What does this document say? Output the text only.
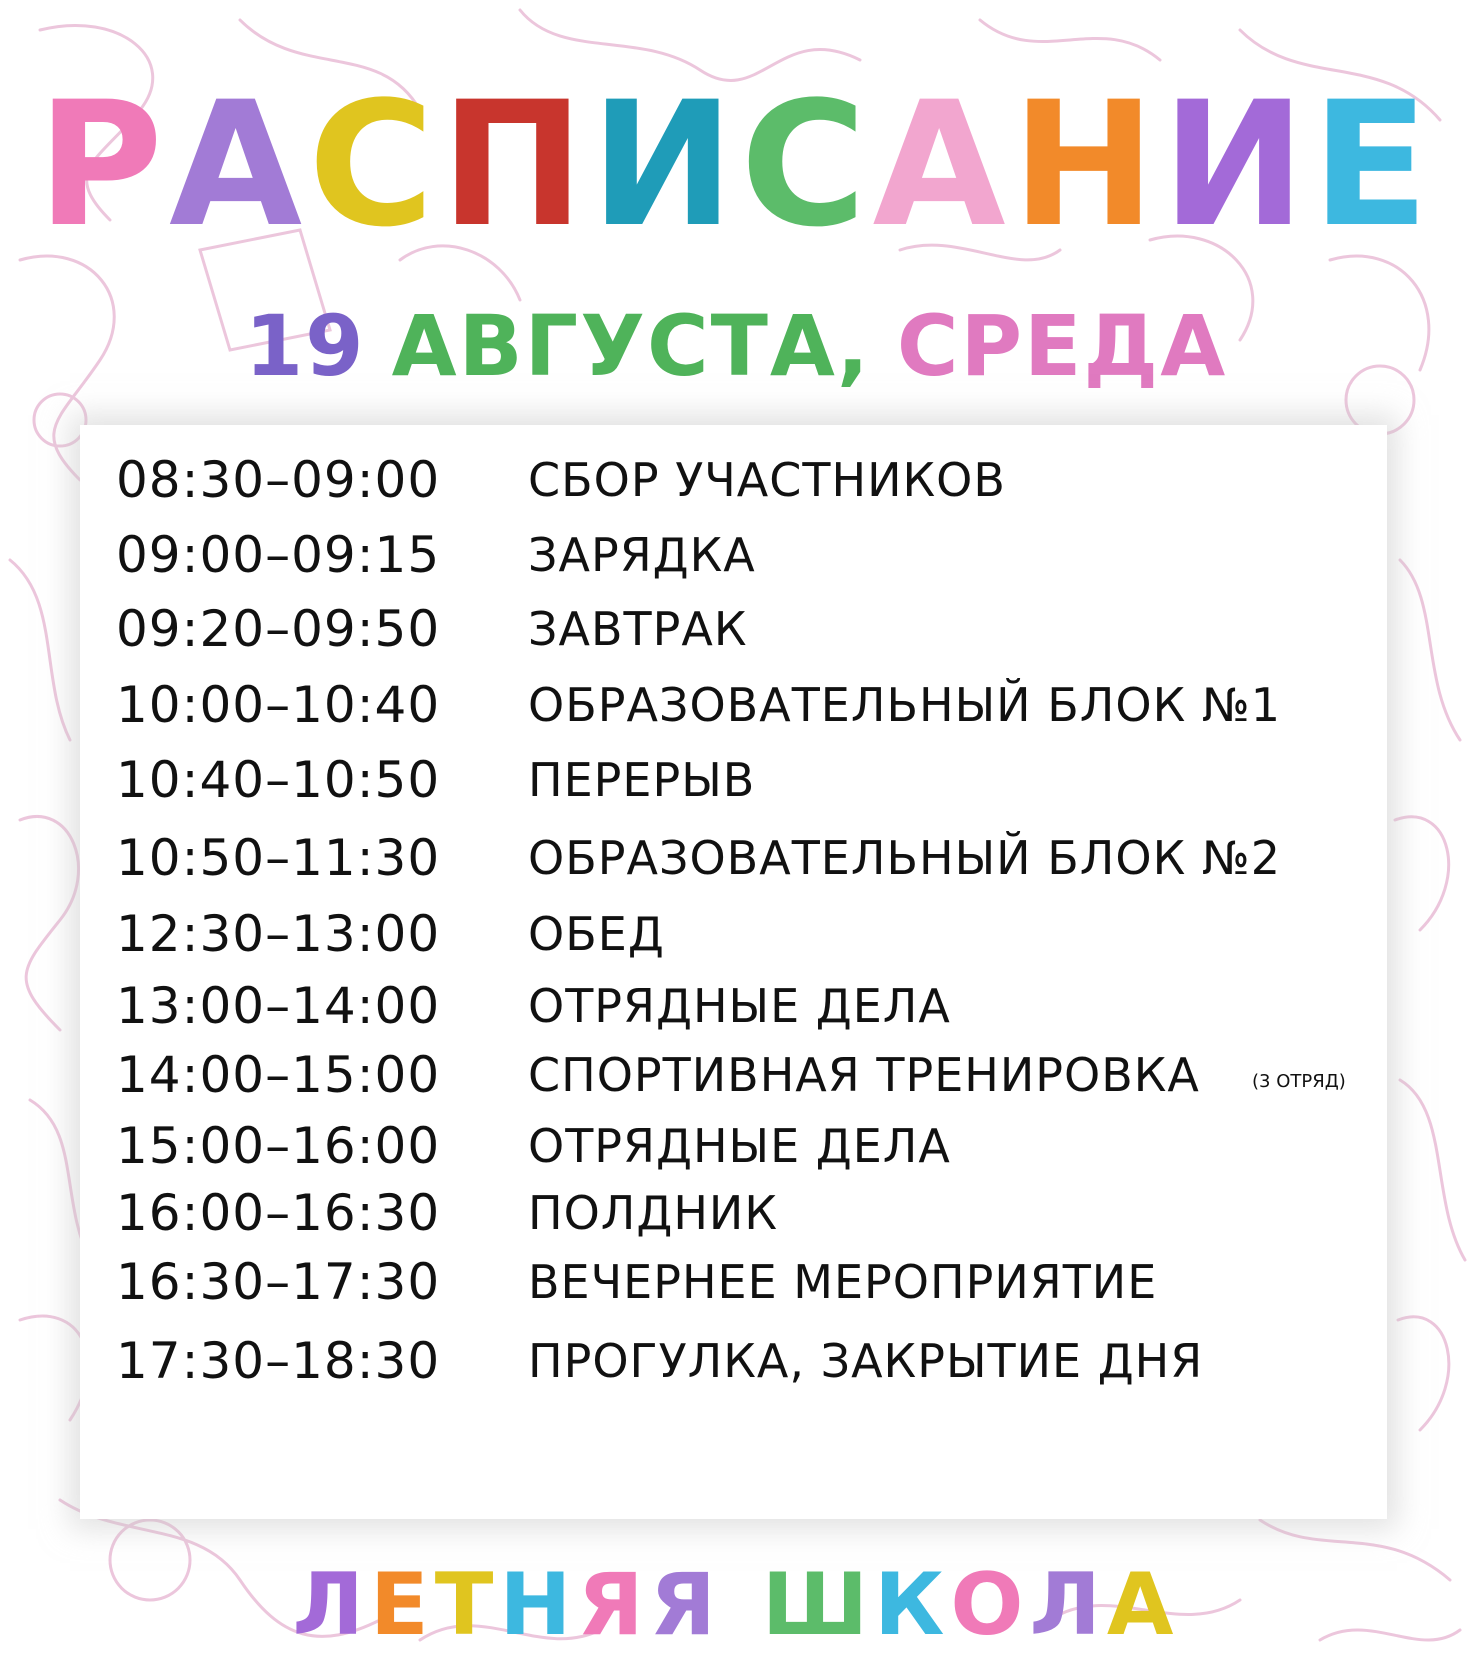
РАСПИСАНИЕ
19 АВГУСТА, СРЕДА
08:30–09:00 СБОР УЧАСТНИКОВ
09:00–09:15 ЗАРЯДКА
09:20–09:50 ЗАВТРАК
10:00–10:40 ОБРАЗОВАТЕЛЬНЫЙ БЛОК №1
10:40–10:50 ПЕРЕРЫВ
10:50–11:30 ОБРАЗОВАТЕЛЬНЫЙ БЛОК №2
12:30–13:00 ОБЕД
13:00–14:00 ОТРЯДНЫЕ ДЕЛА
14:00–15:00 СПОРТИВНАЯ ТРЕНИРОВКА	(3 ОТРЯД)
15:00–16:00 ОТРЯДНЫЕ ДЕЛА
16:00–16:30 ПОЛДНИК
16:30–17:30 ВЕЧЕРНЕЕ МЕРОПРИЯТИЕ
17:30–18:30 ПРОГУЛКА, ЗАКРЫТИЕ ДНЯ
ЛЕТНЯЯ ШКОЛА
